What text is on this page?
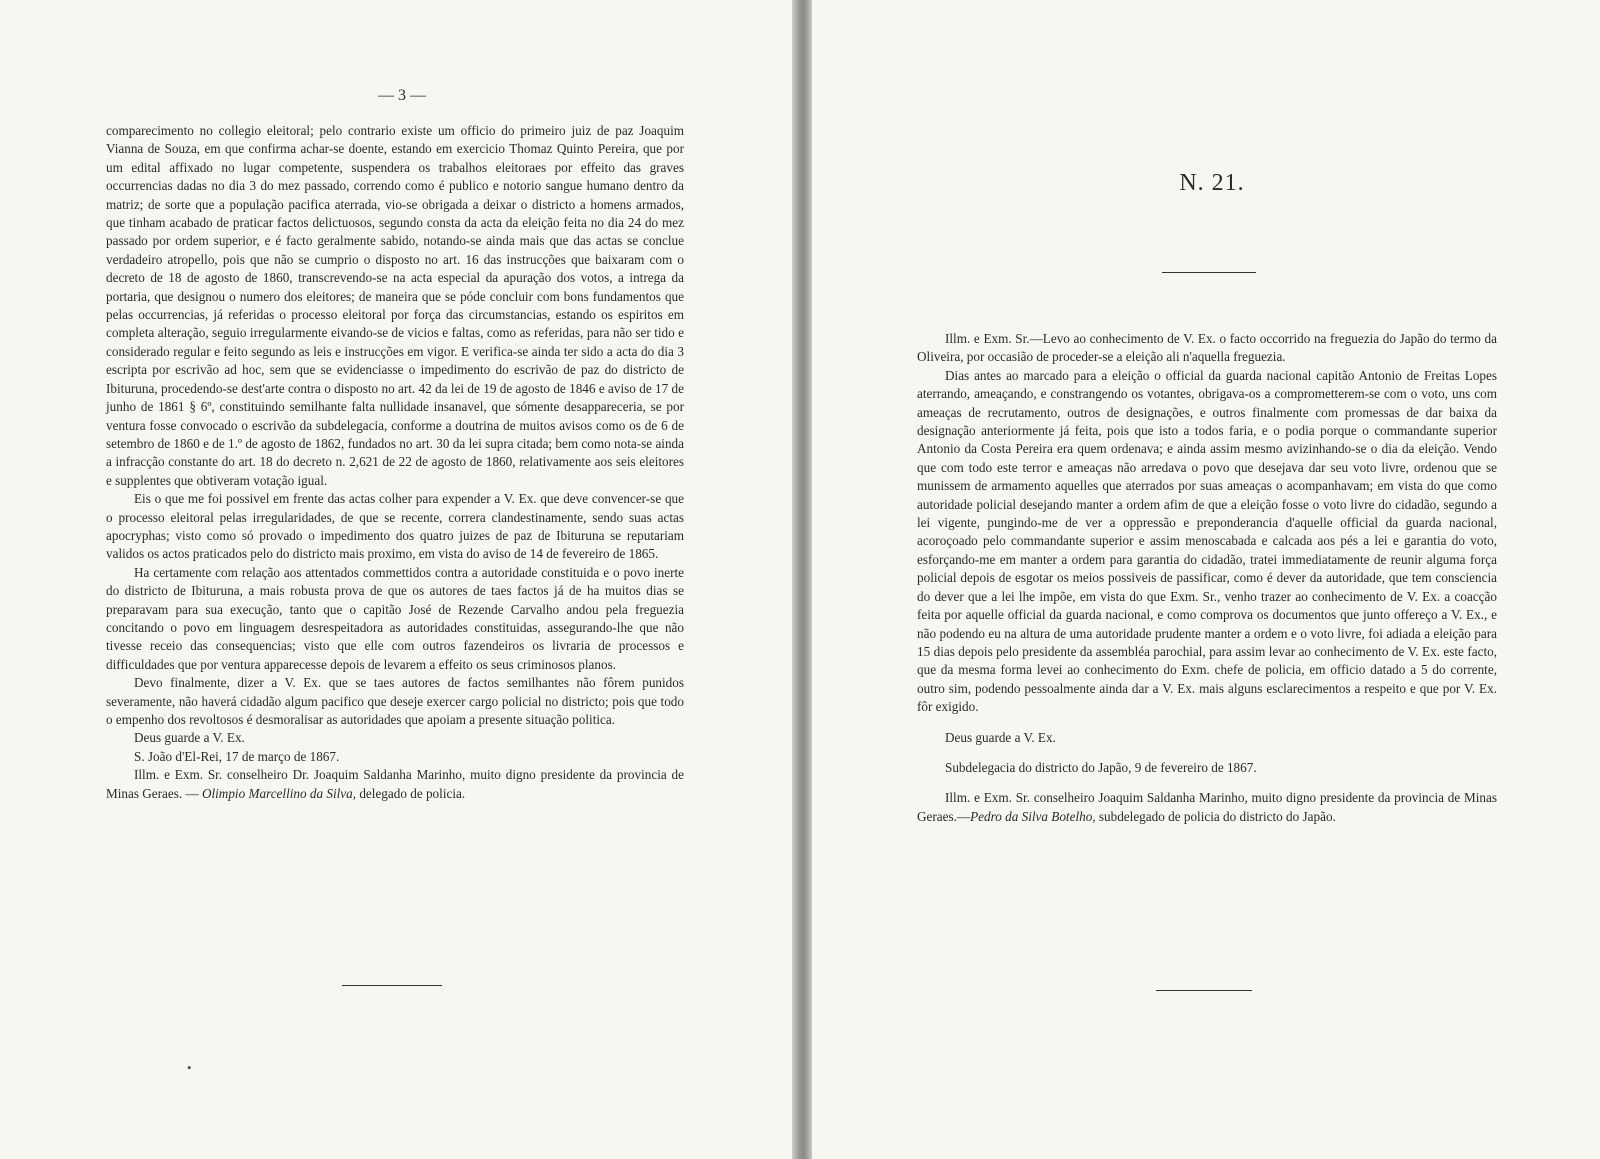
— 3 —

comparecimento no collegio eleitoral; pelo contrario existe um officio do primeiro juiz de paz Joaquim Vianna de Souza, em que confirma achar-se doente, estando em exercicio Thomaz Quinto Pereira, que por um edital affixado no lugar competente, suspendera os trabalhos eleitoraes por effeito das graves occurrencias dadas no dia 3 do mez passado, correndo como é publico e notorio sangue humano dentro da matriz; de sorte que a população pacifica aterrada, vio-se obrigada a deixar o districto a homens armados, que tinham acabado de praticar factos delictuosos, segundo consta da acta da eleição feita no dia 24 do mez passado por ordem superior, e é facto geralmente sabido, notando-se ainda mais que das actas se conclue verdadeiro atropello, pois que não se cumprio o disposto no art. 16 das instrucções que baixaram com o decreto de 18 de agosto de 1860, transcrevendo-se na acta especial da apuração dos votos, a intrega da portaria, que designou o numero dos eleitores; de maneira que se póde concluir com bons fundamentos que pelas occurrencias, já referidas o processo eleitoral por força das circumstancias, estando os espiritos em completa alteração, seguio irregularmente eivando-se de vicios e faltas, como as referidas, para não ser tido e considerado regular e feito segundo as leis e instrucções em vigor. E verifica-se ainda ter sido a acta do dia 3 escripta por escrivão ad hoc, sem que se evidenciasse o impedimento do escrivão de paz do districto de Ibituruna, procedendo-se dest'arte contra o disposto no art. 42 da lei de 19 de agosto de 1846 e aviso de 17 de junho de 1861 § 6º, constituindo semilhante falta nullidade insanavel, que sómente desappareceria, se por ventura fosse convocado o escrivão da subdelegacia, conforme a doutrina de muitos avisos como os de 6 de setembro de 1860 e de 1.º de agosto de 1862, fundados no art. 30 da lei supra citada; bem como nota-se ainda a infracção constante do art. 18 do decreto n. 2,621 de 22 de agosto de 1860, relativamente aos seis eleitores e supplentes que obtiveram votação igual.

Eis o que me foi possivel em frente das actas colher para expender a V. Ex. que deve convencer-se que o processo eleitoral pelas irregularidades, de que se recente, correra clandestinamente, sendo suas actas apocryphas; visto como só provado o impedimento dos quatro juizes de paz de Ibituruna se reputariam validos os actos praticados pelo do districto mais proximo, em vista do aviso de 14 de fevereiro de 1865.

Ha certamente com relação aos attentados commettidos contra a autoridade constituida e o povo inerte do districto de Ibituruna, a mais robusta prova de que os autores de taes factos já de ha muitos dias se preparavam para sua execução, tanto que o capitão José de Rezende Carvalho andou pela freguezia concitando o povo em linguagem desrespeitadora as autoridades constituidas, assegurando-lhe que não tivesse receio das consequencias; visto que elle com outros fazendeiros os livraria de processos e difficuldades que por ventura apparecesse depois de levarem a effeito os seus criminosos planos.

Devo finalmente, dizer a V. Ex. que se taes autores de factos semilhantes não fôrem punidos severamente, não haverá cidadão algum pacifico que deseje exercer cargo policial no districto; pois que todo o empenho dos revoltosos é desmoralisar as autoridades que apoiam a presente situação politica.

Deus guarde a V. Ex.

S. João d'El-Rei, 17 de março de 1867.

Illm. e Exm. Sr. conselheiro Dr. Joaquim Saldanha Marinho, muito digno presidente da provincia de Minas Geraes. — Olimpio Marcellino da Silva, delegado de policia.

•
N. 21.

Illm. e Exm. Sr.—Levo ao conhecimento de V. Ex. o facto occorrido na freguezia do Japão do termo da Oliveira, por occasião de proceder-se a eleição ali n'aquella freguezia.

Dias antes ao marcado para a eleição o official da guarda nacional capitão Antonio de Freitas Lopes aterrando, ameaçando, e constrangendo os votantes, obrigava-os a comprometterem-se com o voto, uns com ameaças de recrutamento, outros de designações, e outros finalmente com promessas de dar baixa da designação anteriormente já feita, pois que isto a todos faria, e o podia porque o commandante superior Antonio da Costa Pereira era quem ordenava; e ainda assim mesmo avizinhando-se o dia da eleição. Vendo que com todo este terror e ameaças não arredava o povo que desejava dar seu voto livre, ordenou que se munissem de armamento aquelles que aterrados por suas ameaças o acompanhavam; em vista do que como autoridade policial desejando manter a ordem afim de que a eleição fosse o voto livre do cidadão, segundo a lei vigente, pungindo-me de ver a oppressão e preponderancia d'aquelle official da guarda nacional, acoroçoado pelo commandante superior e assim menoscabada e calcada aos pés a lei e garantia do voto, esforçando-me em manter a ordem para garantia do cidadão, tratei immediatamente de reunir alguma força policial depois de esgotar os meios possiveis de passificar, como é dever da autoridade, que tem consciencia do dever que a lei lhe impõe, em vista do que Exm. Sr., venho trazer ao conhecimento de V. Ex. a coacção feita por aquelle official da guarda nacional, e como comprova os documentos que junto offereço a V. Ex., e não podendo eu na altura de uma autoridade prudente manter a ordem e o voto livre, foi adiada a eleição para 15 dias depois pelo presidente da assembléa parochial, para assim levar ao conhecimento de V. Ex. este facto, que da mesma forma levei ao conhecimento do Exm. chefe de policia, em officio datado a 5 do corrente, outro sim, podendo pessoalmente ainda dar a V. Ex. mais alguns esclarecimentos a respeito e que por V. Ex. fôr exigido.

Deus guarde a V. Ex.

Subdelegacia do districto do Japão, 9 de fevereiro de 1867.

Illm. e Exm. Sr. conselheiro Joaquim Saldanha Marinho, muito digno presidente da provincia de Minas Geraes.—Pedro da Silva Botelho, subdelegado de policia do districto do Japão.
